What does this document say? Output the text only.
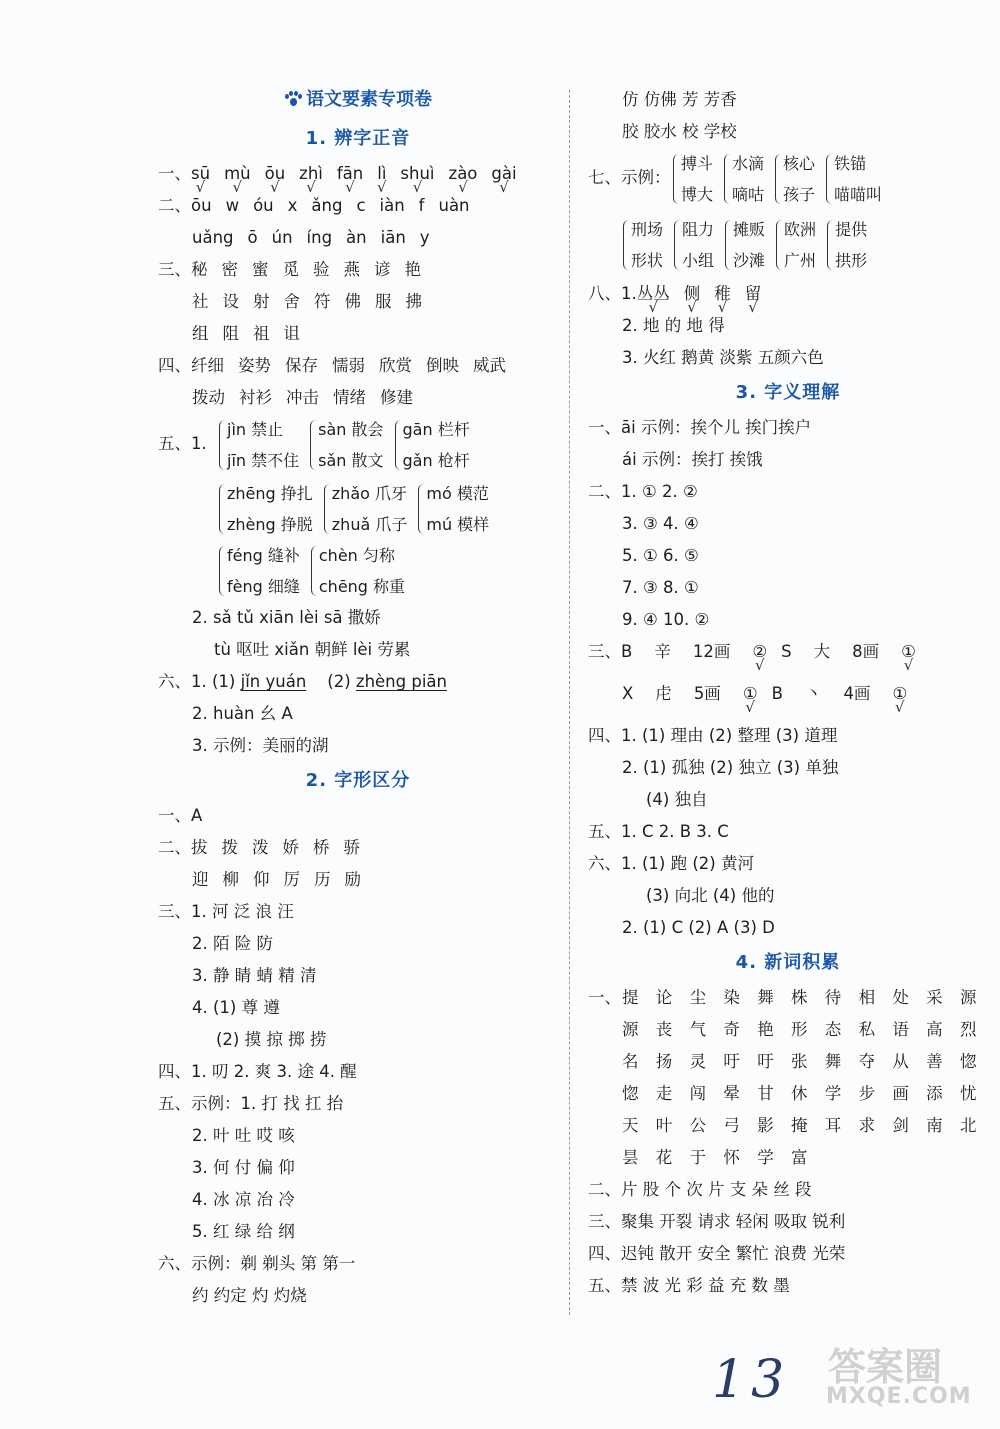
语文要素专项卷
1. 辨字正音
一、sū √ mù √ ōu √ zhì √ fān √ lì √ shuì √ zào √ gài √
二、ōu w óu x ǎng c iàn f uàn
uǎng ō ún íng àn iān y
三、秘 密 蜜 觅 验 燕 谚 艳
社 设 射 舍 符 佛 服 拂
组 阻 祖 诅
四、纤细 姿势 保存 懦弱 欣赏 倒映 威武
拨动 衬衫 冲击 情绪 修建
五、1.
jìn 禁止
jīn 禁不住
sàn 散会
sǎn 散文
gān 栏杆
gǎn 枪杆
zhēng 挣扎
zhèng 挣脱
zhǎo 爪牙
zhuǎ 爪子
mó 模范
mú 模样
féng 缝补
fèng 细缝
chèn 匀称
chēng 称重
2. sǎ tǔ xiān lèi sā 撒娇
tù 呕吐 xiǎn 朝鲜 lèi 劳累
六、1. (1) jǐn yuán (2) zhèng piān
2. huàn 幺 A
3. 示例：美丽的湖
2. 字形区分
一、A
二、拔 拨 泼 娇 桥 骄
迎 柳 仰 厉 历 励
三、1. 河 泛 浪 汪
2. 陌 险 防
3. 静 睛 蜻 精 清
4. (1) 尊 遵
(2) 摸 掠 掷 捞
四、1. 叨 2. 爽 3. 途 4. 醒
五、示例：1. 打 找 扛 抬
2. 叶 吐 哎 咳
3. 何 付 偏 仰
4. 冰 凉 冶 冷
5. 红 绿 给 纲
六、示例：剃 剃头 第 第一
约 约定 灼 灼烧
仿 仿佛 芳 芳香
胶 胶水 校 学校
七、示例：
搏斗
博大
水滴
嘀咕
核心
孩子
铁锚
喵喵叫
刑场
形状
阻力
小组
摊贩
沙滩
欧洲
广州
提供
拱形
八、1.丛丛 √ 侧 √ 稚 √ 留 √
2. 地 的 地 得
3. 火红 鹅黄 淡紫 五颜六色
3. 字义理解
一、āi 示例：挨个儿 挨门挨户
ái 示例：挨打 挨饿
二、1. ① 2. ②
3. ③ 4. ④
5. ① 6. ⑤
7. ③ 8. ①
9. ④ 10. ②
三、B 辛 12画 ② √ S 大 8画 ① √
X 虍 5画 ① √ B 丶 4画 ① √
四、1. (1) 理由 (2) 整理 (3) 道理
2. (1) 孤独 (2) 独立 (3) 单独
(4) 独自
五、1. C 2. B 3. C
六、1. (1) 跑 (2) 黄河
(3) 向北 (4) 他的
2. (1) C (2) A (3) D
4. 新词积累
一、提 论 尘 染 舞 株 待 相 处 采 源
源 丧 气 奇 艳 形 态 私 语 高 烈
名 扬 灵 吁 吁 张 舞 夺 从 善 惚
惚 走 闯 晕 甘 休 学 步 画 添 忧
天 叶 公 弓 影 掩 耳 求 剑 南 北
昙 花 于 怀 学 富
二、片 股 个 次 片 支 朵 丝 段
三、聚集 开裂 请求 轻闲 吸取 锐利
四、迟钝 散开 安全 繁忙 浪费 光荣
五、禁 波 光 彩 益 充 数 墨
13 答案圈
MXQE.COM
